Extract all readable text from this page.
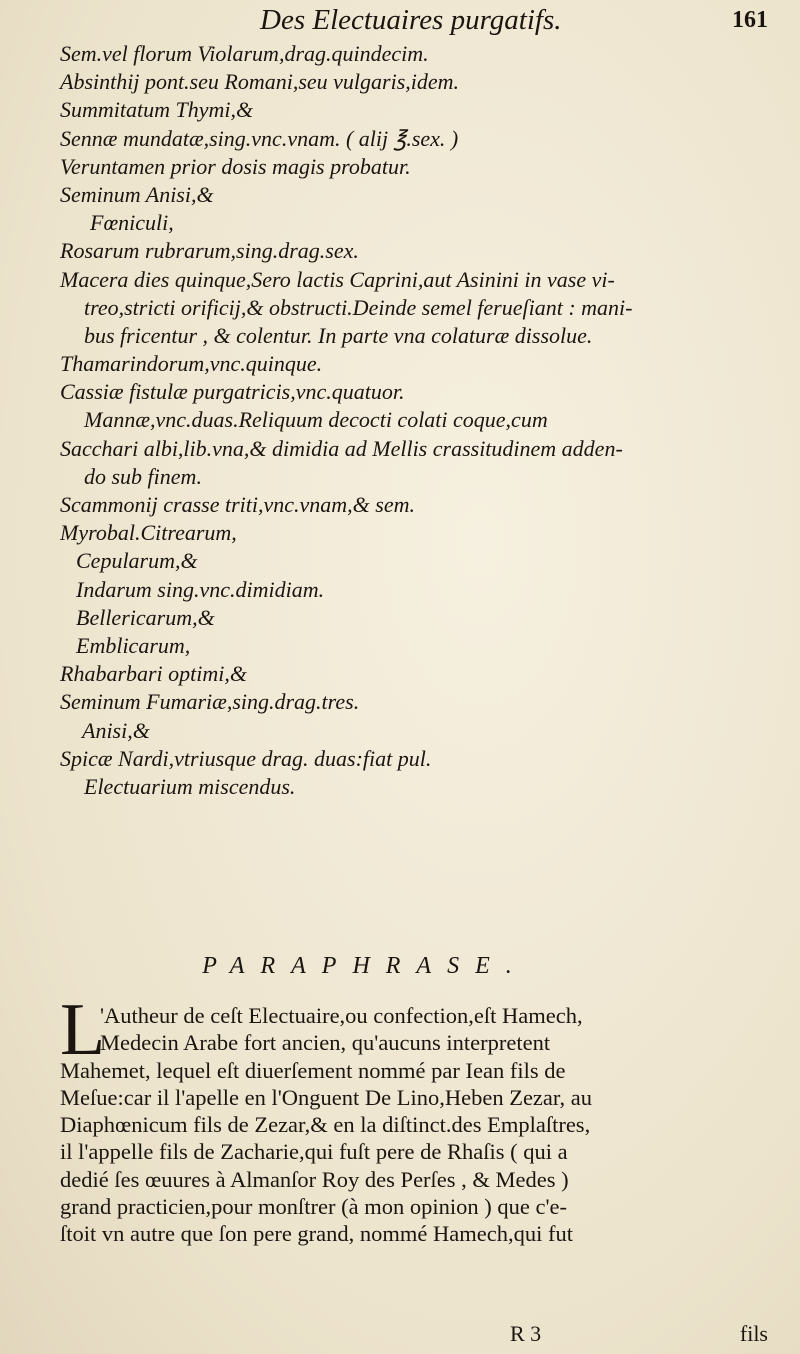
Des Electuaires purgatifs.	161
Sem.vel florum Violarum,drag.quindecim.
Absinthij pont.seu Romani,seu vulgaris,idem.
Summitatum Thymi,&
Sennæ mundatæ,sing.vnc.vnam. ( alij ℥.sex. )
Veruntamen prior dosis magis probatur.
Seminum Anisi,&
Fœniculi,
Rosarum rubrarum,sing.drag.sex.
Macera dies quinque,Sero lactis Caprini,aut Asinini in vase vi-
treo,stricti orificij,& obstructi.Deinde semel ferueſiant : mani-
bus fricentur , & colentur. In parte vna colaturæ dissolue.
Thamarindorum,vnc.quinque.
Cassiæ fistulæ purgatricis,vnc.quatuor.
Mannæ,vnc.duas.Reliquum decocti colati coque,cum
Sacchari albi,lib.vna,& dimidia ad Mellis crassitudinem adden-
do sub finem.
Scammonij crasse triti,vnc.vnam,& sem.
Myrobal.Citrearum,
Cepularum,&
Indarum sing.vnc.dimidiam.
Bellericarum,&
Emblicarum,
Rhabarbari optimi,&
Seminum Fumariæ,sing.drag.tres.
Anisi,&
Spicæ Nardi,vtriusque drag. duas:fiat pul.
Electuarium miscendus.
PARAPHRASE.
L
'Autheur de ceſt Electuaire,ou confection,eſt Hamech,
Medecin Arabe fort ancien, qu'aucuns interpretent
Mahemet, lequel eſt diuerſement nommé par Iean fils de
Meſue:car il l'apelle en l'Onguent De Lino,Heben Zezar, au
Diaphœnicum fils de Zezar,& en la diſtinct.des Emplaſtres,
il l'appelle fils de Zacharie,qui fuſt pere de Rhaſis ( qui a
dedié ſes œuures à Almanſor Roy des Perſes , & Medes )
grand practicien,pour monſtrer (à mon opinion ) que c'e-
ſtoit vn autre que ſon pere grand, nommé Hamech,qui fut
R 3	fils
